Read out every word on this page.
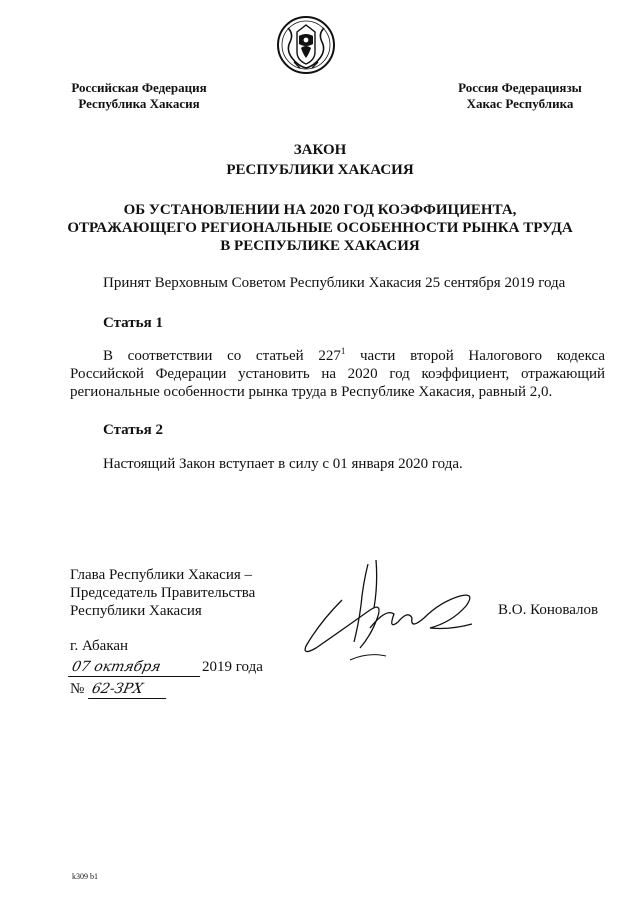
Российская Федерация
Республика Хакасия
Россия Федерациязы
Хакас Республика
ЗАКОН
РЕСПУБЛИКИ ХАКАСИЯ
ОБ УСТАНОВЛЕНИИ НА 2020 ГОД КОЭФФИЦИЕНТА,
ОТРАЖАЮЩЕГО РЕГИОНАЛЬНЫЕ ОСОБЕННОСТИ РЫНКА ТРУДА
В РЕСПУБЛИКЕ ХАКАСИЯ
Принят Верховным Советом Республики Хакасия 25 сентября 2019 года
Статья 1
В соответствии со статьей $227^1$ части второй Налогового кодекса
Российской Федерации установить на 2020 год коэффициент, отражающий
региональные особенности рынка труда в Республике Хакасия, равный 2,0.
Статья 2
Настоящий Закон вступает в силу с 01 января 2020 года.
Глава Республики Хакасия –
Председатель Правительства
Республики Хакасия	В.О. Коновалов
г. Абакан
07 октября	2019 года
№ 62-ЗРХ
k309 b1
